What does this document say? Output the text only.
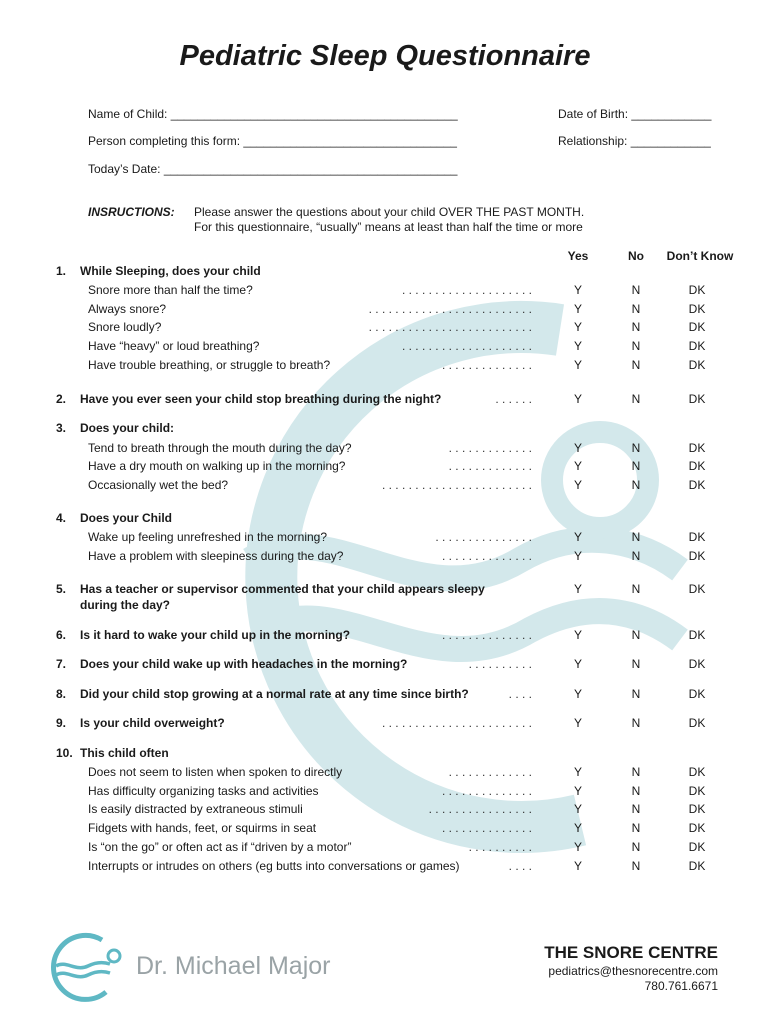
Pediatric Sleep Questionnaire
Name of Child: ___________________________________________	Date of Birth: ____________
Person completing this form: ________________________________	Relationship: ____________
Today’s Date: ____________________________________________
INSRUCTIONS: Please answer the questions about your child OVER THE PAST MONTH.
For this questionnaire, “usually” means at least than half the time or more
Yes	No	Don’t Know
1. While Sleeping, does your child
Snore more than half the time?	. . . . . . . . . . . . . . . . . . . .	Y	N	DK
Always snore?	. . . . . . . . . . . . . . . . . . . . . . . . .	Y	N	DK
Snore loudly?	. . . . . . . . . . . . . . . . . . . . . . . . .	Y	N	DK
Have “heavy” or loud breathing?	. . . . . . . . . . . . . . . . . . . .	Y	N	DK
Have trouble breathing, or struggle to breath?	. . . . . . . . . . . . . .	Y	N	DK
2. Have you ever seen your child stop breathing during the night?	. . . . . .	Y	N	DK
3. Does your child:
Tend to breath through the mouth during the day?	. . . . . . . . . . . . .	Y	N	DK
Have a dry mouth on walking up in the morning?	. . . . . . . . . . . . .	Y	N	DK
Occasionally wet the bed?	. . . . . . . . . . . . . . . . . . . . . . .	Y	N	DK
4. Does your Child
Wake up feeling unrefreshed in the morning?	. . . . . . . . . . . . . . .	Y	N	DK
Have a problem with sleepiness during the day?	. . . . . . . . . . . . . .	Y	N	DK
5. Has a teacher or supervisor commented that your child appears sleepy
during the day?
Y	N	DK
6. Is it hard to wake your child up in the morning?	. . . . . . . . . . . . . .	Y	N	DK
7. Does your child wake up with headaches in the morning?	. . . . . . . . . .	Y	N	DK
8. Did your child stop growing at a normal rate at any time since birth?	. . . .	Y	N	DK
9. Is your child overweight?	. . . . . . . . . . . . . . . . . . . . . . .	Y	N	DK
10. This child often
Does not seem to listen when spoken to directly	. . . . . . . . . . . . .	Y	N	DK
Has difficulty organizing tasks and activities	. . . . . . . . . . . . . .	Y	N	DK
Is easily distracted by extraneous stimuli	. . . . . . . . . . . . . . . .	Y	N	DK
Fidgets with hands, feet, or squirms in seat	. . . . . . . . . . . . . .	Y	N	DK
Is “on the go” or often act as if “driven by a motor”	. . . . . . . . . .	Y	N	DK
Interrupts or intrudes on others (eg butts into conversations or games)	. . . .	Y	N	DK
Dr. Michael Major	THE SNORE CENTRE
pediatrics@thesnorecentre.com
780.761.6671
